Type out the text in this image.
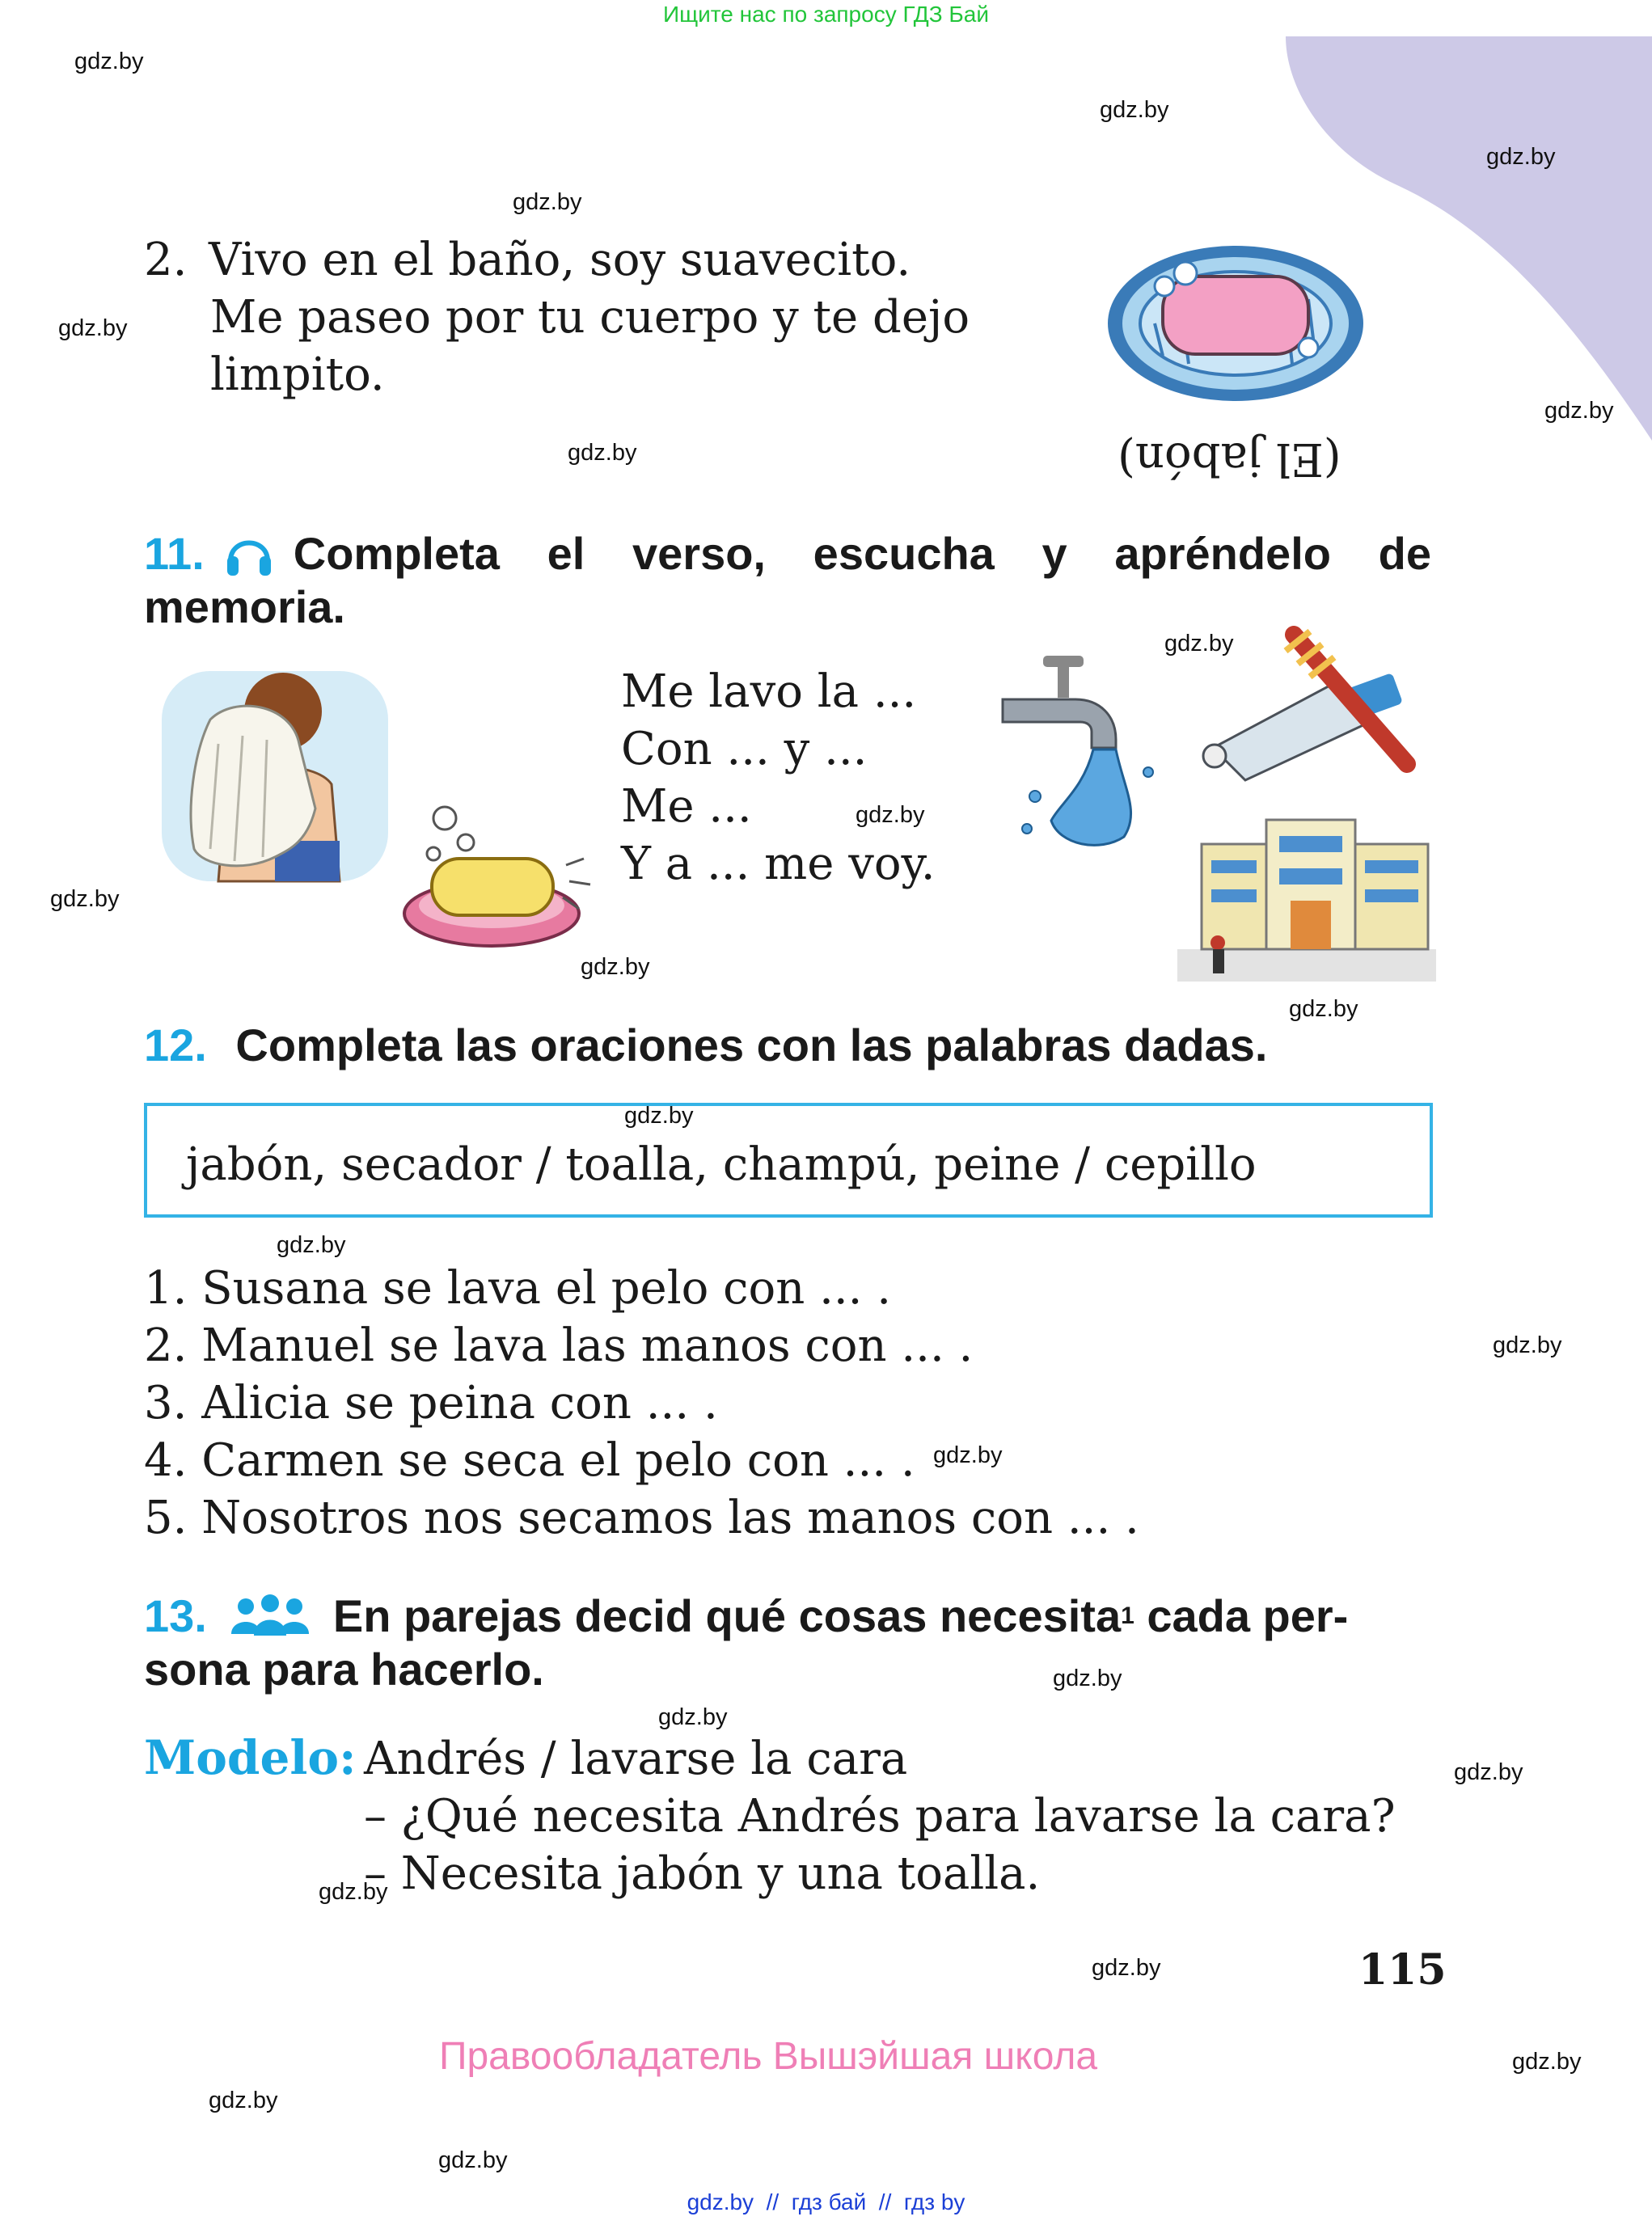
Ищите нас по запросу ГДЗ Бай
gdz.by
gdz.by
gdz.by
gdz.by
gdz.by
gdz.by
gdz.by
gdz.by
gdz.by
gdz.by
gdz.by
gdz.by
gdz.by
gdz.by
gdz.by
gdz.by
gdz.by
gdz.by
gdz.by
gdz.by
gdz.by
gdz.by
gdz.by
gdz.by
2. Vivo en el baño, soy suavecito.
Me paseo por tu cuerpo y te dejo
limpito.
(El jabón)
11. Completa el verso, escucha y apréndelo de
memoria.
Me lavo la ...
Con ... y ...
Me ...
Y a ... me voy.
12. Completa las oraciones con las palabras dadas.
jabón, secador / toalla, champú, peine / cepillo
1. Susana se lava el pelo con ... .
2. Manuel se lava las manos con ... .
3. Alicia se peina con ... .
4. Carmen se seca el pelo con ... .
5. Nosotros nos secamos las manos con ... .
13.	En parejas decid qué cosas necesita 1 cada per-
sona para hacerlo.
Modelo: Andrés / lavarse la cara
– ¿Qué necesita Andrés para lavarse la cara?
– Necesita jabón y una toalla.
115
Правообладатель Вышэйшая школа
gdz.by  //  гдз бай  //  гдз by
